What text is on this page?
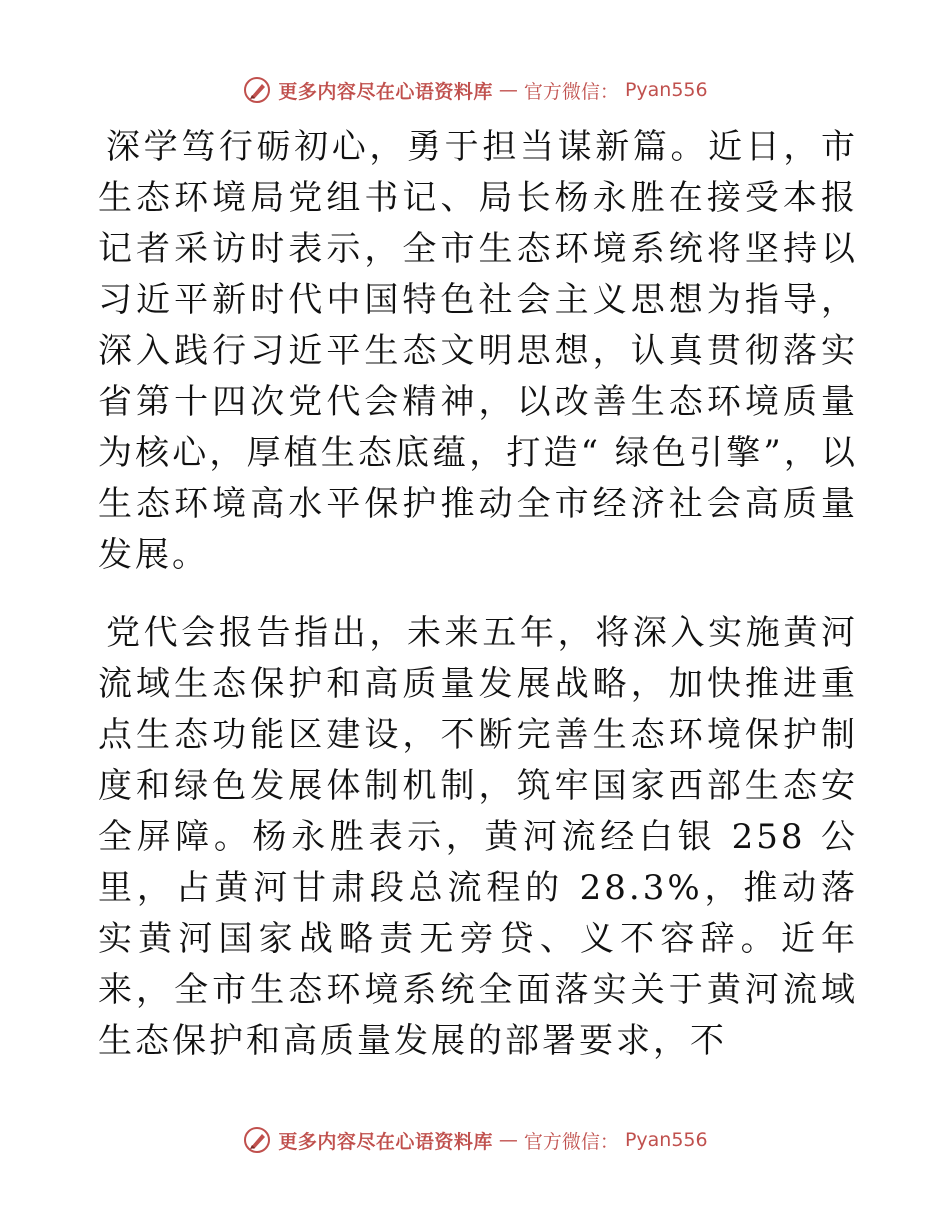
更多内容尽在心语资料库 — 官方微信： Pyan556

深学笃行砺初心，勇于担当谋新篇。近日，市生态环境局党组书记、局长杨永胜在接受本报记者采访时表示，全市生态环境系统将坚持以习近平新时代中国特色社会主义思想为指导，深入践行习近平生态文明思想，认真贯彻落实省第十四次党代会精神，以改善生态环境质量为核心，厚植生态底蕴，打造“ 绿色引擎”，以生态环境高水平保护推动全市经济社会高质量发展。

党代会报告指出，未来五年，将深入实施黄河流域生态保护和高质量发展战略，加快推进重点生态功能区建设，不断完善生态环境保护制度和绿色发展体制机制，筑牢国家西部生态安全屏障。杨永胜表示，黄河流经白银 258 公里，占黄河甘肃段总流程的 28.3%，推动落实黄河国家战略责无旁贷、义不容辞。近年来，全市生态环境系统全面落实关于黄河流域生态保护和高质量发展的部署要求，不

更多内容尽在心语资料库 — 官方微信： Pyan556
